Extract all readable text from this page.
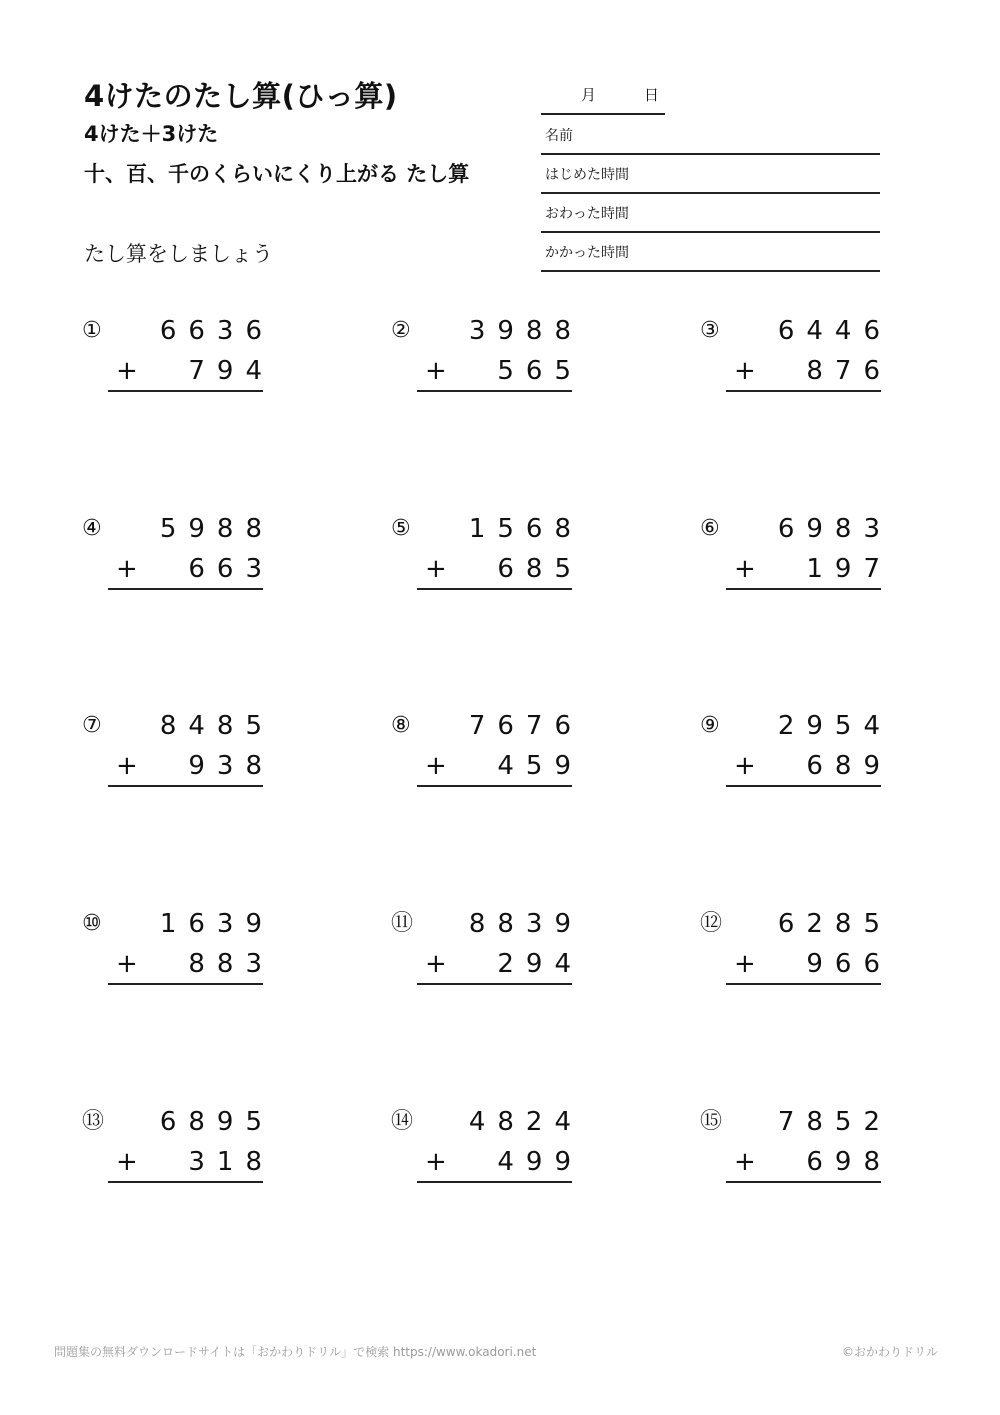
4けたのたし算(ひっ算)
4けた＋3けた
十、百、千のくらいにくり上がる たし算
たし算をしましょう
月	日
名前
はじめた時間
おわった時間
かかった時間
① 6636
+ 794
② 3988
+ 565
③ 6446
+ 876
④ 5988
+ 663
⑤ 1568
+ 685
⑥ 6983
+ 197
⑦ 8485
+ 938
⑧ 7676
+ 459
⑨ 2954
+ 689
⑩ 1639
+ 883
⑪ 8839
+ 294
⑫ 6285
+ 966
⑬ 6895
+ 318
⑭ 4824
+ 499
⑮ 7852
+ 698
問題集の無料ダウンロードサイトは「おかわりドリル」で検索 https://www.okadori.net	©おかわりドリル
